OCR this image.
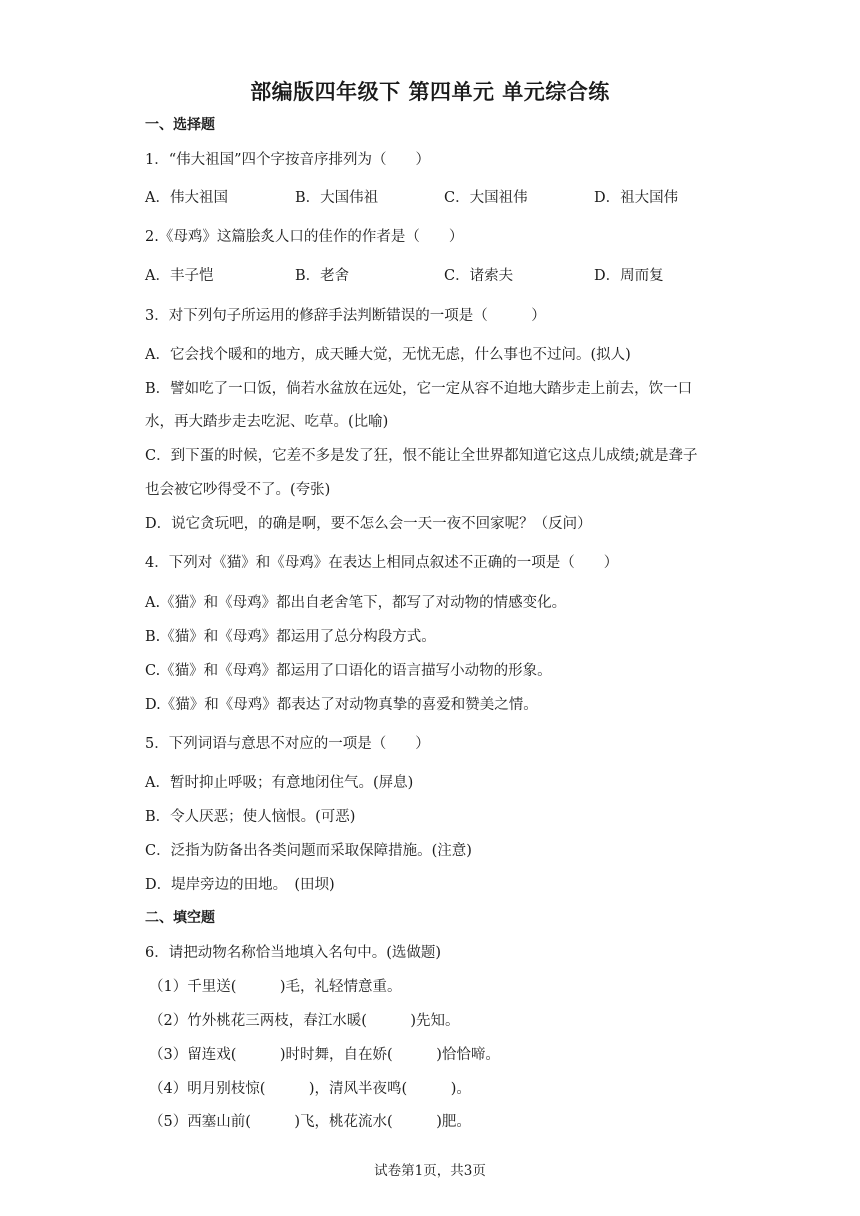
部编版四年级下 第四单元 单元综合练
一、选择题
1．“伟大祖国”四个字按音序排列为（　　）
A．伟大祖国	B．大国伟祖	C．大国祖伟	D．祖大国伟
2.《母鸡》这篇脍炙人口的佳作的作者是（　　）
A．丰子恺	B．老舍	C．诸索夫	D．周而复
3．对下列句子所运用的修辞手法判断错误的一项是（　　　）
A．它会找个暖和的地方，成天睡大觉，无忧无虑，什么事也不过问。(拟人)
B．譬如吃了一口饭，倘若水盆放在远处，它一定从容不迫地大踏步走上前去，饮一口
水，再大踏步走去吃泥、吃草。(比喻)
C．到下蛋的时候，它差不多是发了狂，恨不能让全世界都知道它这点儿成绩;就是聋子
也会被它吵得受不了。(夸张)
D．说它贪玩吧，的确是啊，要不怎么会一天一夜不回家呢？（反问）
4．下列对《猫》和《母鸡》在表达上相同点叙述不正确的一项是（　　）
A.《猫》和《母鸡》都出自老舍笔下，都写了对动物的情感变化。
B.《猫》和《母鸡》都运用了总分构段方式。
C.《猫》和《母鸡》都运用了口语化的语言描写小动物的形象。
D.《猫》和《母鸡》都表达了对动物真挚的喜爱和赞美之情。
5．下列词语与意思不对应的一项是（　　）
A．暂时抑止呼吸；有意地闭住气。(屏息)
B．令人厌恶；使人恼恨。(可恶)
C．泛指为防备出各类问题而采取保障措施。(注意)
D．堤岸旁边的田地。　(田坝)
二、填空题
6．请把动物名称恰当地填入名句中。(选做题)
（1）千里送(　　　)毛，礼轻情意重。
（2）竹外桃花三两枝，春江水暖(　　　)先知。
（3）留连戏(　　　)时时舞，自在娇(　　　)恰恰啼。
（4）明月别枝惊(　　　)，清风半夜鸣(　　　)。
（5）西塞山前(　　　)飞，桃花流水(　　　)肥。
试卷第1页，共3页
